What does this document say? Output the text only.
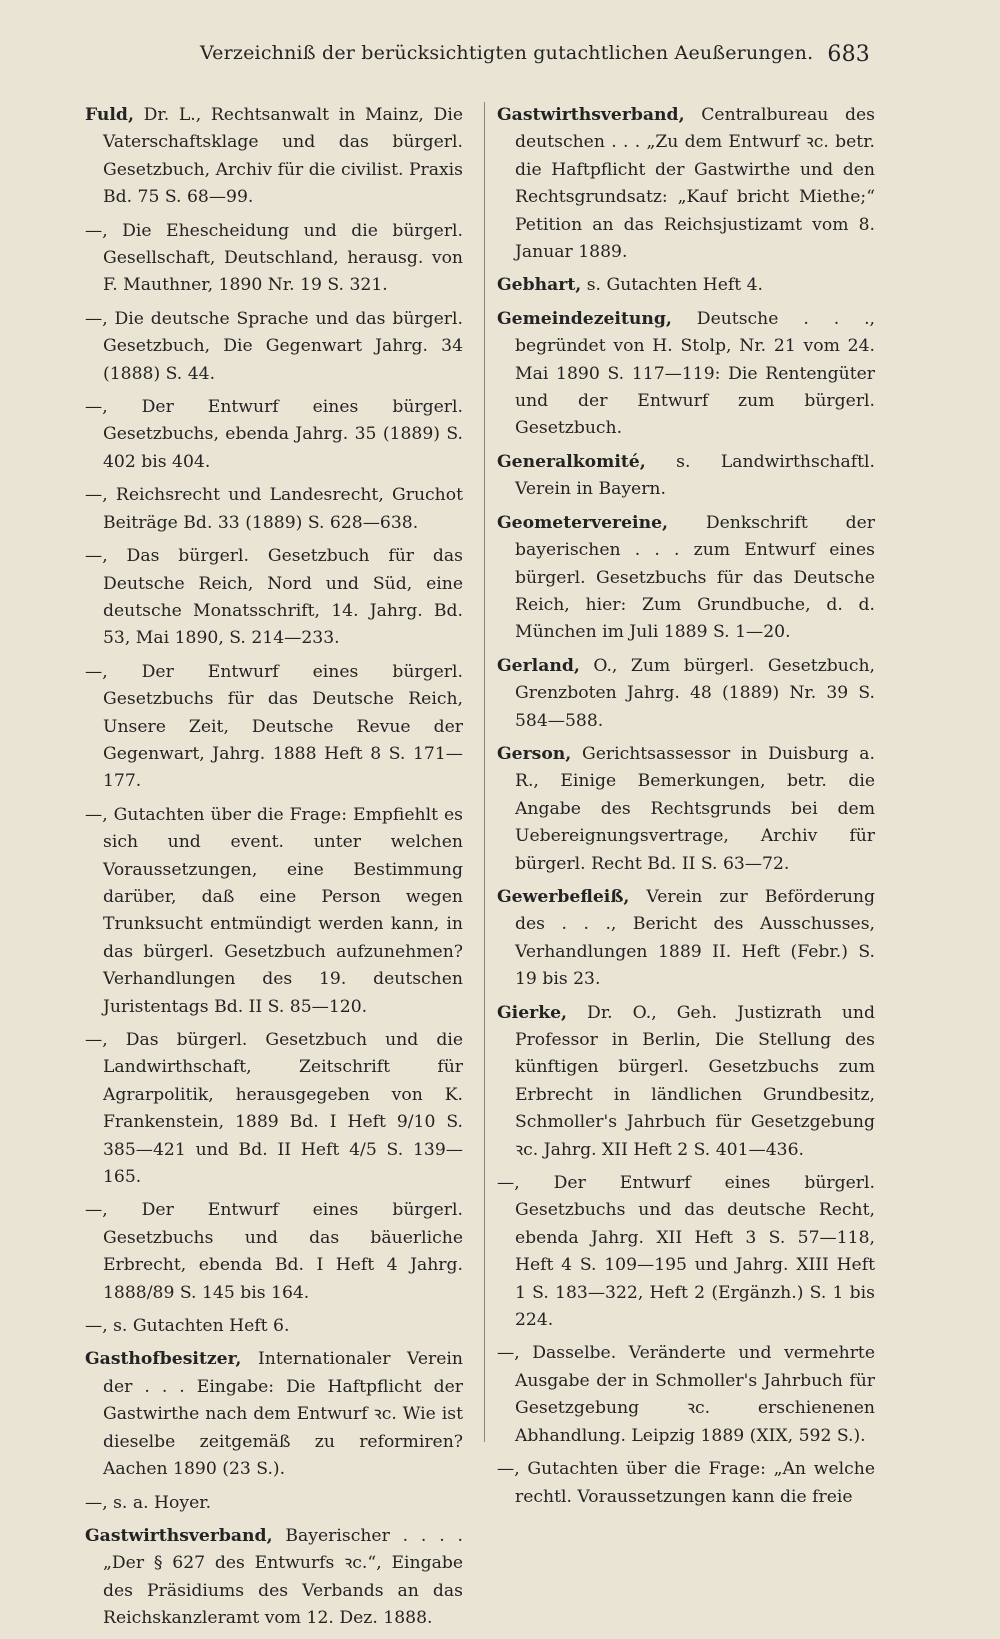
Verzeichniß der berücksichtigten gutachtlichen Aeußerungen. 683

Fuld, Dr. L., Rechtsanwalt in Mainz, Die Vaterschaftsklage und das bürgerl. Gesetzbuch, Archiv für die civilist. Praxis Bd. 75 S. 68—99.

—, Die Ehescheidung und die bürgerl. Gesellschaft, Deutschland, herausg. von F. Mauthner, 1890 Nr. 19 S. 321.

—, Die deutsche Sprache und das bürgerl. Gesetzbuch, Die Gegenwart Jahrg. 34 (1888) S. 44.

—, Der Entwurf eines bürgerl. Gesetzbuchs, ebenda Jahrg. 35 (1889) S. 402 bis 404.

—, Reichsrecht und Landesrecht, Gruchot Beiträge Bd. 33 (1889) S. 628—638.

—, Das bürgerl. Gesetzbuch für das Deutsche Reich, Nord und Süd, eine deutsche Monatsschrift, 14. Jahrg. Bd. 53, Mai 1890, S. 214—233.

—, Der Entwurf eines bürgerl. Gesetzbuchs für das Deutsche Reich, Unsere Zeit, Deutsche Revue der Gegenwart, Jahrg. 1888 Heft 8 S. 171—177.

—, Gutachten über die Frage: Empfiehlt es sich und event. unter welchen Voraussetzungen, eine Bestimmung darüber, daß eine Person wegen Trunksucht entmündigt werden kann, in das bürgerl. Gesetzbuch aufzunehmen? Verhandlungen des 19. deutschen Juristentags Bd. II S. 85—120.

—, Das bürgerl. Gesetzbuch und die Landwirthschaft, Zeitschrift für Agrarpolitik, herausgegeben von K. Frankenstein, 1889 Bd. I Heft 9/10 S. 385—421 und Bd. II Heft 4/5 S. 139—165.

—, Der Entwurf eines bürgerl. Gesetzbuchs und das bäuerliche Erbrecht, ebenda Bd. I Heft 4 Jahrg. 1888/89 S. 145 bis 164.

—, s. Gutachten Heft 6.

Gasthofbesitzer, Internationaler Verein der . . . Eingabe: Die Haftpflicht der Gastwirthe nach dem Entwurf ꝛc. Wie ist dieselbe zeitgemäß zu reformiren? Aachen 1890 (23 S.).

—, s. a. Hoyer.

Gastwirthsverband, Bayerischer . . . . „Der § 627 des Entwurfs ꝛc.“, Eingabe des Präsidiums des Verbands an das Reichskanzleramt vom 12. Dez. 1888.

Gastwirthsverband, Centralbureau des deutschen . . . „Zu dem Entwurf ꝛc. betr. die Haftpflicht der Gastwirthe und den Rechtsgrundsatz: „Kauf bricht Miethe;“ Petition an das Reichsjustizamt vom 8. Januar 1889.

Gebhart, s. Gutachten Heft 4.

Gemeindezeitung, Deutsche . . ., begründet von H. Stolp, Nr. 21 vom 24. Mai 1890 S. 117—119: Die Rentengüter und der Entwurf zum bürgerl. Gesetzbuch.

Generalkomité, s. Landwirthschaftl. Verein in Bayern.

Geometervereine, Denkschrift der bayerischen . . . zum Entwurf eines bürgerl. Gesetzbuchs für das Deutsche Reich, hier: Zum Grundbuche, d. d. München im Juli 1889 S. 1—20.

Gerland, O., Zum bürgerl. Gesetzbuch, Grenzboten Jahrg. 48 (1889) Nr. 39 S. 584—588.

Gerson, Gerichtsassessor in Duisburg a. R., Einige Bemerkungen, betr. die Angabe des Rechtsgrunds bei dem Uebereignungsvertrage, Archiv für bürgerl. Recht Bd. II S. 63—72.

Gewerbefleiß, Verein zur Beförderung des . . ., Bericht des Ausschusses, Verhandlungen 1889 II. Heft (Febr.) S. 19 bis 23.

Gierke, Dr. O., Geh. Justizrath und Professor in Berlin, Die Stellung des künftigen bürgerl. Gesetzbuchs zum Erbrecht in ländlichen Grundbesitz, Schmoller's Jahrbuch für Gesetzgebung ꝛc. Jahrg. XII Heft 2 S. 401—436.

—, Der Entwurf eines bürgerl. Gesetzbuchs und das deutsche Recht, ebenda Jahrg. XII Heft 3 S. 57—118, Heft 4 S. 109—195 und Jahrg. XIII Heft 1 S. 183—322, Heft 2 (Ergänzh.) S. 1 bis 224.

—, Dasselbe. Veränderte und vermehrte Ausgabe der in Schmoller's Jahrbuch für Gesetzgebung ꝛc. erschienenen Abhandlung. Leipzig 1889 (XIX, 592 S.).

—, Gutachten über die Frage: „An welche rechtl. Voraussetzungen kann die freie
